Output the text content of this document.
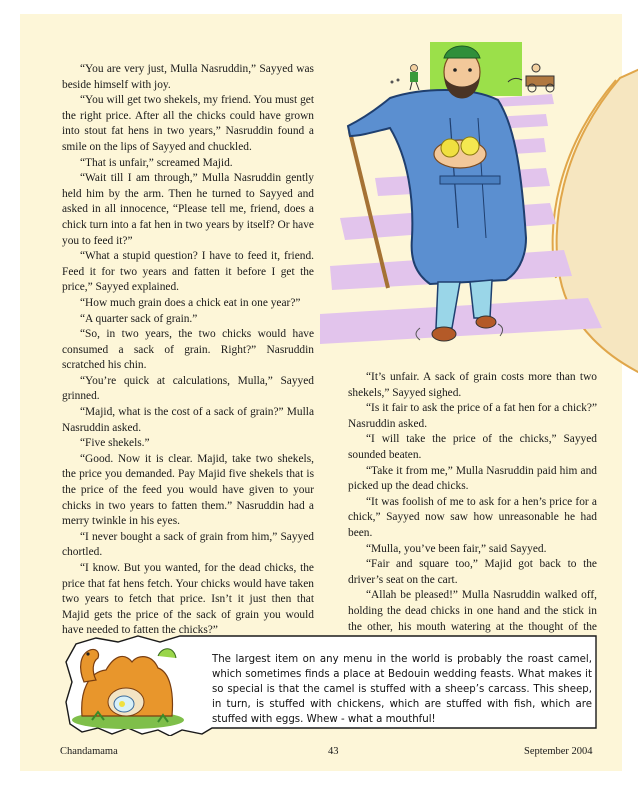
“You are very just, Mulla Nasruddin,” Sayyed was beside himself with joy.

“You will get two shekels, my friend. You must get the right price. After all the chicks could have grown into stout fat hens in two years,” Nasruddin found a smile on the lips of Sayyed and chuckled.

“That is unfair,” screamed Majid.

“Wait till I am through,” Mulla Nasruddin gently held him by the arm. Then he turned to Sayyed and asked in all innocence, “Please tell me, friend, does a chick turn into a fat hen in two years by itself? Or have you to feed it?”

“What a stupid question? I have to feed it, friend. Feed it for two years and fatten it before I get the price,” Sayyed explained.

“How much grain does a chick eat in one year?”

“A quarter sack of grain.”

“So, in two years, the two chicks would have consumed a sack of grain. Right?” Nasruddin scratched his chin.

“You’re quick at calculations, Mulla,” Sayyed grinned.

“Majid, what is the cost of a sack of grain?” Mulla Nasruddin asked.

“Five shekels.”

“Good. Now it is clear. Majid, take two shekels, the price you demanded. Pay Majid five shekels that is the price of the feed you would have given to your chicks in two years to fatten them.” Nasruddin had a merry twinkle in his eyes.

“I never bought a sack of grain from him,” Sayyed chortled.

“I know. But you wanted, for the dead chicks, the price that fat hens fetch. Your chicks would have taken two years to fetch that price. Isn’t it just then that Majid gets the price of the sack of grain you would have needed to fatten the chicks?”

“It’s unfair. A sack of grain costs more than two shekels,” Sayyed sighed.

“Is it fair to ask the price of a fat hen for a chick?” Nasruddin asked.

“I will take the price of the chicks,” Sayyed sounded beaten.

“Take it from me,” Mulla Nasruddin paid him and picked up the dead chicks.

“It was foolish of me to ask for a hen’s price for a chick,” Sayyed now saw how unreasonable he had been.

“Mulla, you’ve been fair,” said Sayyed.

“Fair and square too,” Majid got back to the driver’s seat on the cart.

“Allah be pleased!” Mulla Nasruddin walked off, holding the dead chicks in one hand and the stick in the other, his mouth watering at the thought of the

The largest item on any menu in the world is probably the roast camel, which sometimes finds a place at Bedouin wedding feasts. What makes it so special is that the camel is stuffed with a sheep’s carcass. This sheep, in turn, is stuffed with chickens, which are stuffed with fish, which are stuffed with eggs. Whew - what a mouthful!

Chandamama	43	September 2004
